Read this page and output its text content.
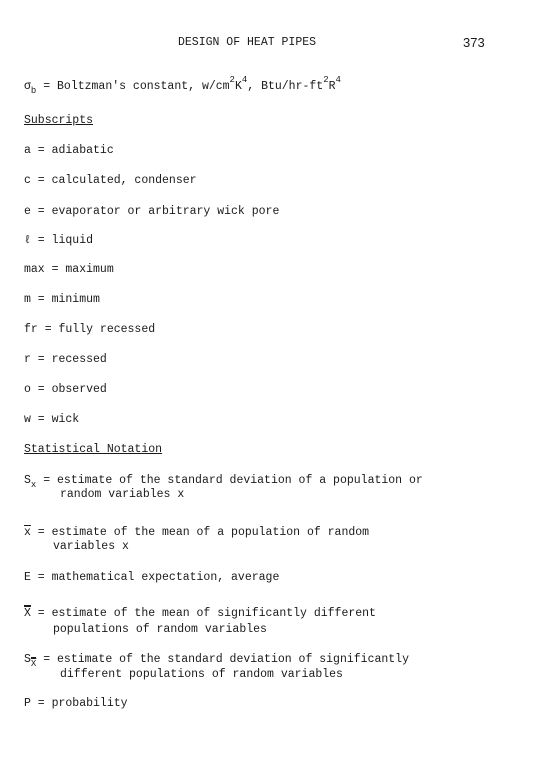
DESIGN OF HEAT PIPES	373
$\sigma_b$ = Boltzman's constant, $w/cm^2K^4$, Btu/$hr-ft^2R^4$
Subscripts
a = adiabatic
c = calculated, condenser
e = evaporator or arbitrary wick pore
ℓ = liquid
max = maximum
m = minimum
fr = fully recessed
r = recessed
o = observed
w = wick
Statistical Notation
$S_x$ = estimate of the standard deviation of a population or
random variables x
$\overline{x}$ = estimate of the mean of a population of random
variables x
E = mathematical expectation, average
$\overline{X}$ = estimate of the mean of significantly different
populations of random variables
$S_{\overline{X}}$ = estimate of the standard deviation of significantly
different populations of random variables
P = probability
